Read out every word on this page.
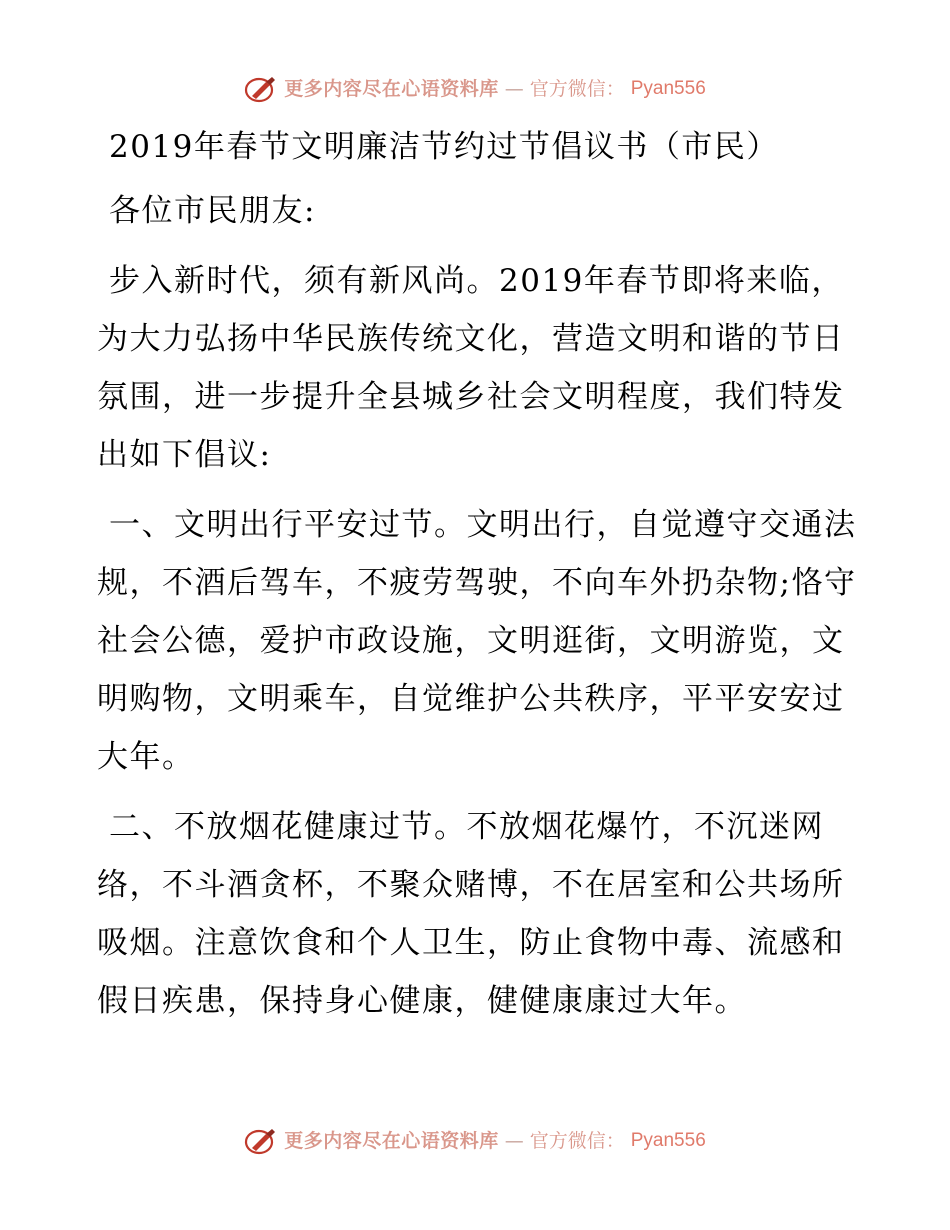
更多内容尽在心语资料库 — 官方微信： Pyan556
2019年春节文明廉洁节约过节倡议书（市民）

各位市民朋友:

步入新时代，须有新风尚。2019年春节即将来临，为大力弘扬中华民族传统文化，营造文明和谐的节日氛围，进一步提升全县城乡社会文明程度，我们特发出如下倡议:

一、文明出行平安过节。文明出行，自觉遵守交通法规，不酒后驾车，不疲劳驾驶，不向车外扔杂物;恪守社会公德，爱护市政设施，文明逛街，文明游览，文明购物，文明乘车，自觉维护公共秩序，平平安安过大年。

二、不放烟花健康过节。不放烟花爆竹，不沉迷网络，不斗酒贪杯，不聚众赌博，不在居室和公共场所吸烟。注意饮食和个人卫生，防止食物中毒、流感和假日疾患，保持身心健康，健健康康过大年。

更多内容尽在心语资料库 — 官方微信： Pyan556
